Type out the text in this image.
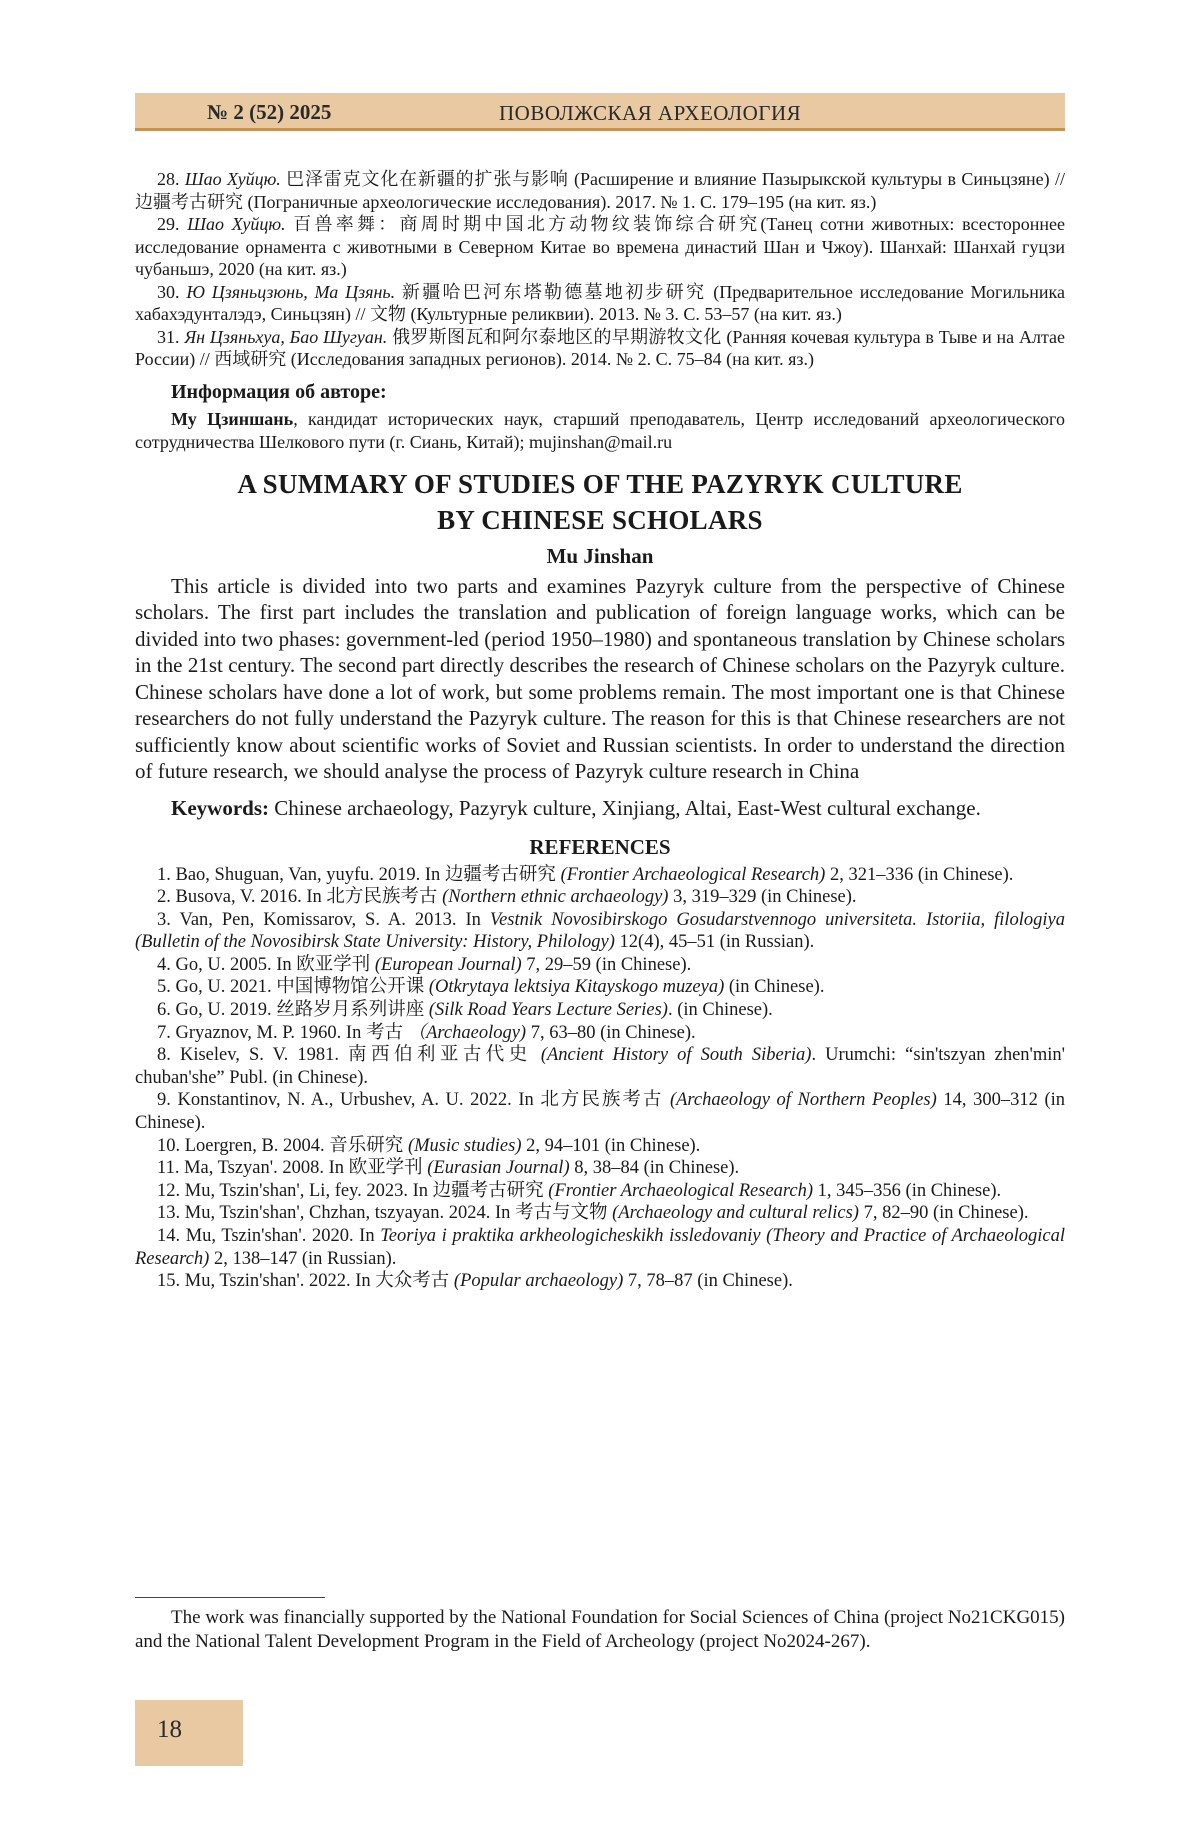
№ 2 (52) 2025	ПОВОЛЖСКАЯ АРХЕОЛОГИЯ

28. Шао Хуйцю. 巴泽雷克文化在新疆的扩张与影响 (Расширение и влияние Пазырыкской культуры в Синьцзяне) // 边疆考古研究 (Пограничные археологические исследования). 2017. № 1. С. 179–195 (на кит. яз.)

29. Шао Хуйцю. 百兽率舞：商周时期中国北方动物纹装饰综合研究(Танец сотни животных: всестороннее исследование орнамента с животными в Северном Китае во времена династий Шан и Чжоу). Шанхай: Шанхай гуцзи чубаньшэ, 2020 (на кит. яз.)

30. Ю Цзяньцзюнь, Ма Цзянь. 新疆哈巴河东塔勒德墓地初步研究 (Предварительное исследование Могильника хабахэдунталэдэ, Синьцзян) // 文物 (Культурные реликвии). 2013. № 3. С. 53–57 (на кит. яз.)

31. Ян Цзяньхуа, Бао Шугуан. 俄罗斯图瓦和阿尔泰地区的早期游牧文化 (Ранняя кочевая культура в Тыве и на Алтае России) // 西域研究 (Исследования западных регионов). 2014. № 2. С. 75–84 (на кит. яз.)

Информация об авторе:

Му Цзиншань, кандидат исторических наук, старший преподаватель, Центр исследований археологического сотрудничества Шелкового пути (г. Сиань, Китай); mujinshan@mail.ru

A SUMMARY OF STUDIES OF THE PAZYRYK CULTURE
BY CHINESE SCHOLARS
Mu Jinshan

This article is divided into two parts and examines Pazyryk culture from the perspective of Chinese scholars. The first part includes the translation and publication of foreign language works, which can be divided into two phases: government-led (period 1950–1980) and spontaneous translation by Chinese scholars in the 21st century. The second part directly describes the research of Chinese scholars on the Pazyryk culture. Chinese scholars have done a lot of work, but some problems remain. The most important one is that Chinese researchers do not fully understand the Pazyryk culture. The reason for this is that Chinese researchers are not sufficiently know about scientific works of Soviet and Russian scientists. In order to understand the direction of future research, we should analyse the process of Pazyryk culture research in China

Keywords: Chinese archaeology, Pazyryk culture, Xinjiang, Altai, East-West cultural exchange.

REFERENCES

1. Bao, Shuguan, Van, yuyfu. 2019. In 边疆考古研究 (Frontier Archaeological Research) 2, 321–336 (in Chinese).

2. Busova, V. 2016. In 北方民族考古 (Northern ethnic archaeology) 3, 319–329 (in Chinese).

3. Van, Pen, Komissarov, S. A. 2013. In Vestnik Novosibirskogo Gosudarstvennogo universiteta. Istoriia, filologiya (Bulletin of the Novosibirsk State University: History, Philology) 12(4), 45–51 (in Russian).

4. Go, U. 2005. In 欧亚学刊 (European Journal) 7, 29–59 (in Chinese).

5. Go, U. 2021. 中国博物馆公开课 (Otkrytaya lektsiya Kitayskogo muzeya) (in Chinese).

6. Go, U. 2019. 丝路岁月系列讲座 (Silk Road Years Lecture Series). (in Chinese).

7. Gryaznov, M. P. 1960. In 考古 （Archaeology) 7, 63–80 (in Chinese).

8. Kiselev, S. V. 1981. 南西伯利亚古代史 (Ancient History of South Siberia). Urumchi: “sin'tszyan zhen'min' chuban'she” Publ. (in Chinese).

9. Konstantinov, N. A., Urbushev, A. U. 2022. In 北方民族考古 (Archaeology of Northern Peoples) 14, 300–312 (in Chinese).

10. Loergren, B. 2004. 音乐研究 (Music studies) 2, 94–101 (in Chinese).

11. Ma, Tszyan'. 2008. In 欧亚学刊 (Eurasian Journal) 8, 38–84 (in Chinese).

12. Mu, Tszin'shan', Li, fey. 2023. In 边疆考古研究 (Frontier Archaeological Research) 1, 345–356 (in Chinese).

13. Mu, Tszin'shan', Chzhan, tszyayan. 2024. In 考古与文物 (Archaeology and cultural relics) 7, 82–90 (in Chinese).

14. Mu, Tszin'shan'. 2020. In Teoriya i praktika arkheologicheskikh issledovaniy (Theory and Practice of Archaeological Research) 2, 138–147 (in Russian).

15. Mu, Tszin'shan'. 2022. In 大众考古 (Popular archaeology) 7, 78–87 (in Chinese).

The work was financially supported by the National Foundation for Social Sciences of China (project No21CKG015) and the National Talent Development Program in the Field of Archeology (project No2024-267).

18
